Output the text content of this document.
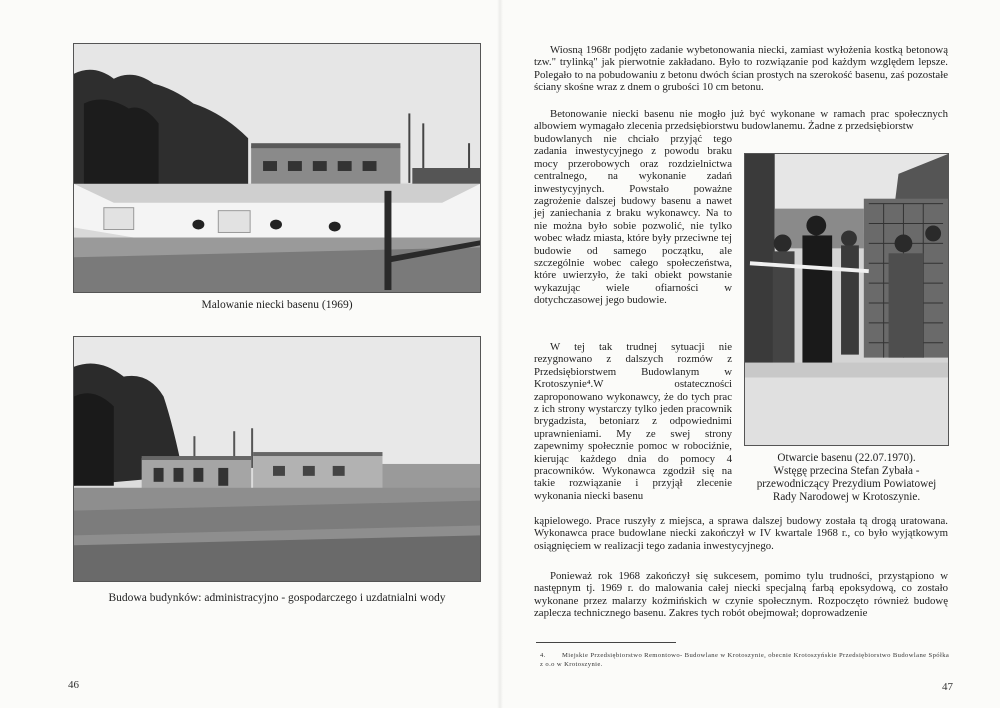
Malowanie niecki basenu (1969)
Budowa budynków: administracyjno - gospodarczego i uzdatnialni wody
46

Wiosną 1968r podjęto zadanie wybetonowania niecki, zamiast wyłożenia kostką betonową tzw." trylinką" jak pierwotnie zakładano. Było to rozwiązanie pod każdym względem lepsze. Polegało to na pobudowaniu z betonu dwóch ścian prostych na szerokość basenu, zaś pozostałe ściany skośne wraz z dnem o grubości 10 cm betonu.

Betonowanie niecki basenu nie mogło już być wykonane w ramach prac społecznych albowiem wymagało zlecenia przedsiębiorstwu budowlanemu. Żadne z przedsiębiorstw

budowlanych nie chciało przyjąć tego zadania inwestycyjnego z powodu braku mocy przerobowych oraz rozdzielnictwa centralnego, na wykonanie zadań inwestycyjnych. Powstało poważne zagrożenie dalszej budowy basenu a nawet jej zaniechania z braku wykonawcy. Na to nie można było sobie pozwolić, nie tylko wobec władz miasta, które były przeciwne tej budowie od samego początku, ale szczególnie wobec całego społeczeństwa, które uwierzyło, że taki obiekt powstanie wykazując wiele ofiarności w dotychczasowej jego budowie.

W tej tak trudnej sytuacji nie rezygnowano z dalszych rozmów z Przedsiębiorstwem Budowlanym w Krotoszynie⁴.W ostateczności zaproponowano wykonawcy, że do tych prac z ich strony wystarczy tylko jeden pracownik brygadzista, betoniarz z odpowiednimi uprawnieniami. My ze swej strony zapewnimy społecznie pomoc w robociźnie, kierując każdego dnia do pomocy 4 pracowników. Wykonawca zgodził się na takie rozwiązanie i przyjął zlecenie wykonania niecki basenu

Otwarcie basenu (22.07.1970).
Wstęgę przecina Stefan Zybała -
przewodniczący Prezydium Powiatowej
Rady Narodowej w Krotoszynie.

kąpielowego. Prace ruszyły z miejsca, a sprawa dalszej budowy została tą drogą uratowana. Wykonawca prace budowlane niecki zakończył w IV kwartale 1968 r., co było wyjątkowym osiągnięciem w realizacji tego zadania inwestycyjnego.

Ponieważ rok 1968 zakończył się sukcesem, pomimo tylu trudności, przystąpiono w następnym tj. 1969 r. do malowania całej niecki specjalną farbą epoksydową, co zostało wykonane przez malarzy koźmińskich w czynie społecznym. Rozpoczęto również budowę zaplecza technicznego basenu. Zakres tych robót obejmował; doprowadzenie

47
4. Miejskie Przedsiębiorstwo Remontowo- Budowlane w Krotoszynie, obecnie Krotoszyńskie Przedsiębiorstwo Budowlane Spółka z o.o w Krotoszynie.
